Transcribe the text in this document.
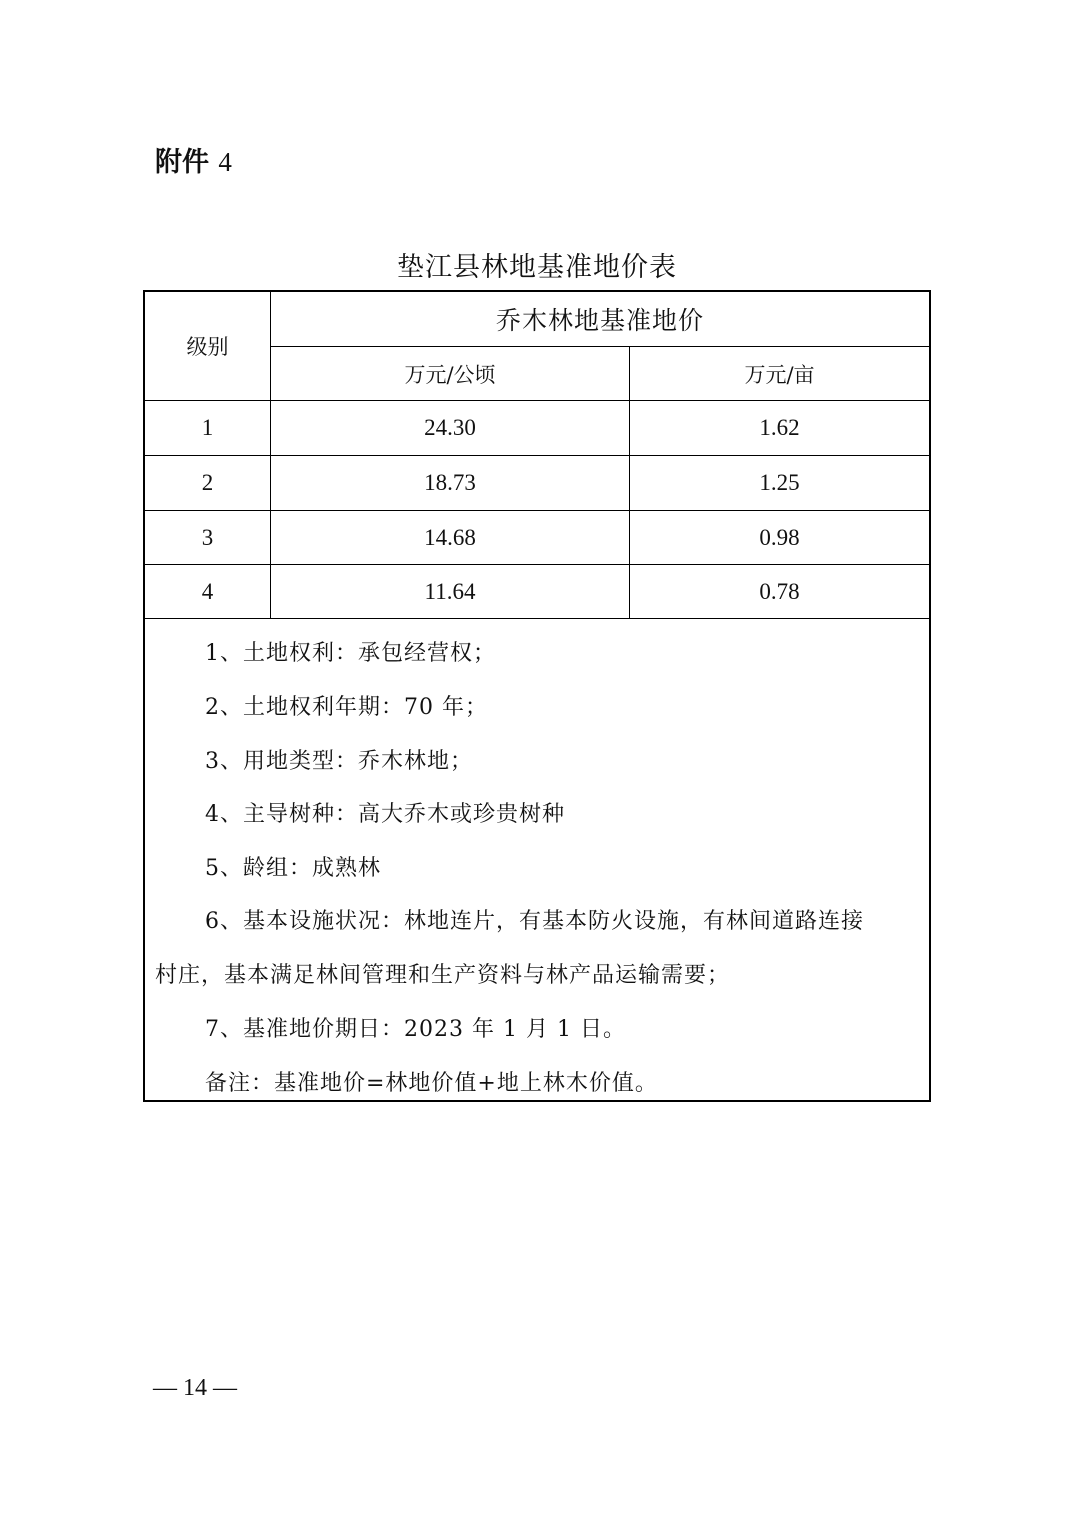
附件 4
垫江县林地基准地价表
级别
乔木林地基准地价
万元/公顷	万元/亩
1	24.30	1.62
2	18.73	1.25
3	14.68	0.98
4	11.64	0.78
1、土地权利：承包经营权；
2、土地权利年期：70 年；
3、用地类型：乔木林地；
4、主导树种：高大乔木或珍贵树种
5、龄组：成熟林
6、基本设施状况：林地连片，有基本防火设施，有林间道路连接
村庄，基本满足林间管理和生产资料与林产品运输需要；
7、基准地价期日：2023 年 1 月 1 日。
备注：基准地价=林地价值+地上林木价值。
— 14 —
